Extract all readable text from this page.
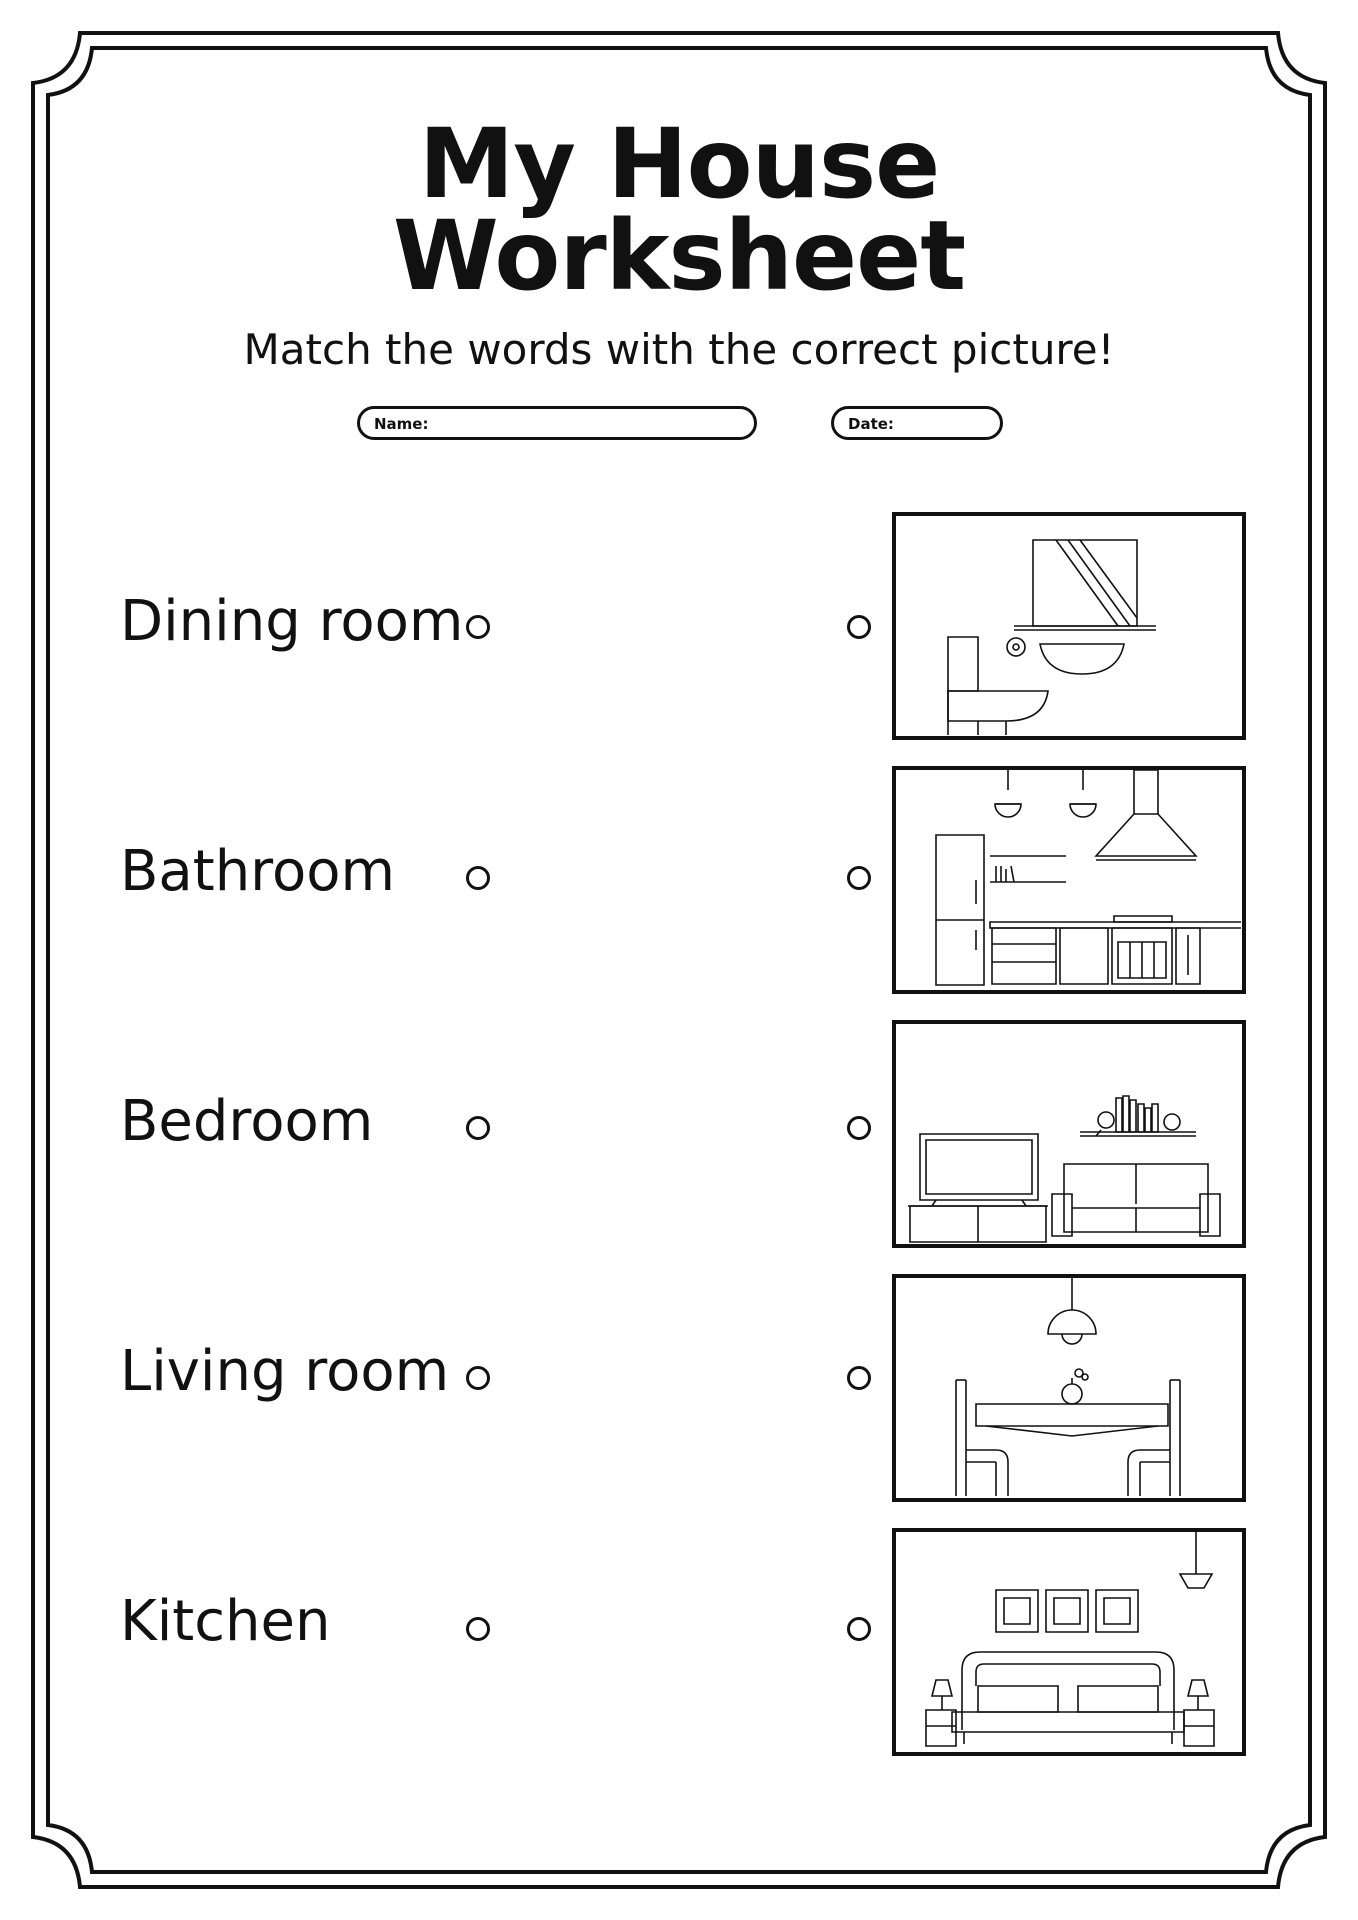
My House
Worksheet
Match the words with the correct picture!
Name:	Date:
Dining room
Bathroom
Bedroom
Living room
Kitchen
